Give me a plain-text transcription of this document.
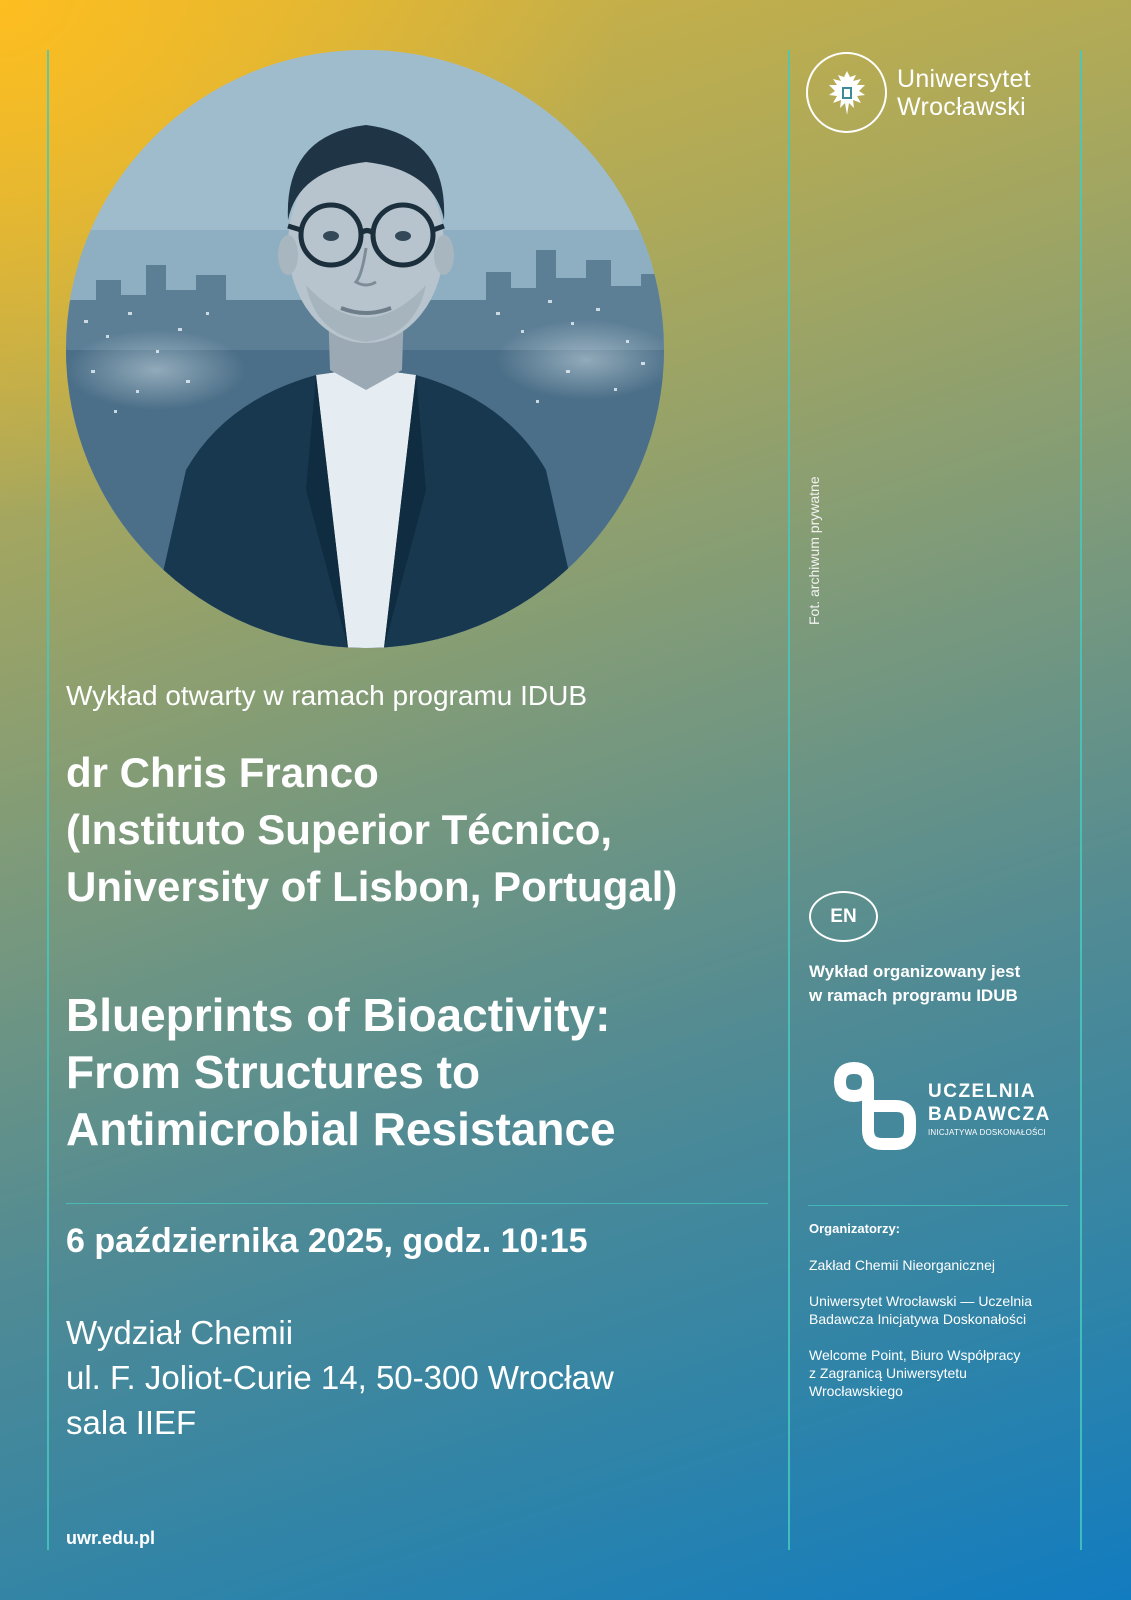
Fot. archiwum prywatne
Wykład otwarty w ramach programu IDUB
dr Chris Franco
(Instituto Superior Técnico,
University of Lisbon, Portugal)
Blueprints of Bioactivity:
From Structures to
Antimicrobial Resistance
6 października 2025, godz. 10:15
Wydział Chemii
ul. F. Joliot-Curie 14, 50-300 Wrocław
sala IIEF
uwr.edu.pl
Uniwersytet
Wrocławski
EN
Wykład organizowany jest
w ramach programu IDUB
UCZELNIA
BADAWCZA
INICJATYWA DOSKONAŁOŚCI
Organizatorzy:
Zakład Chemii Nieorganicznej
Uniwersytet Wrocławski — Uczelnia
Badawcza Inicjatywa Doskonałości
Welcome Point, Biuro Współpracy
z Zagranicą Uniwersytetu
Wrocławskiego
